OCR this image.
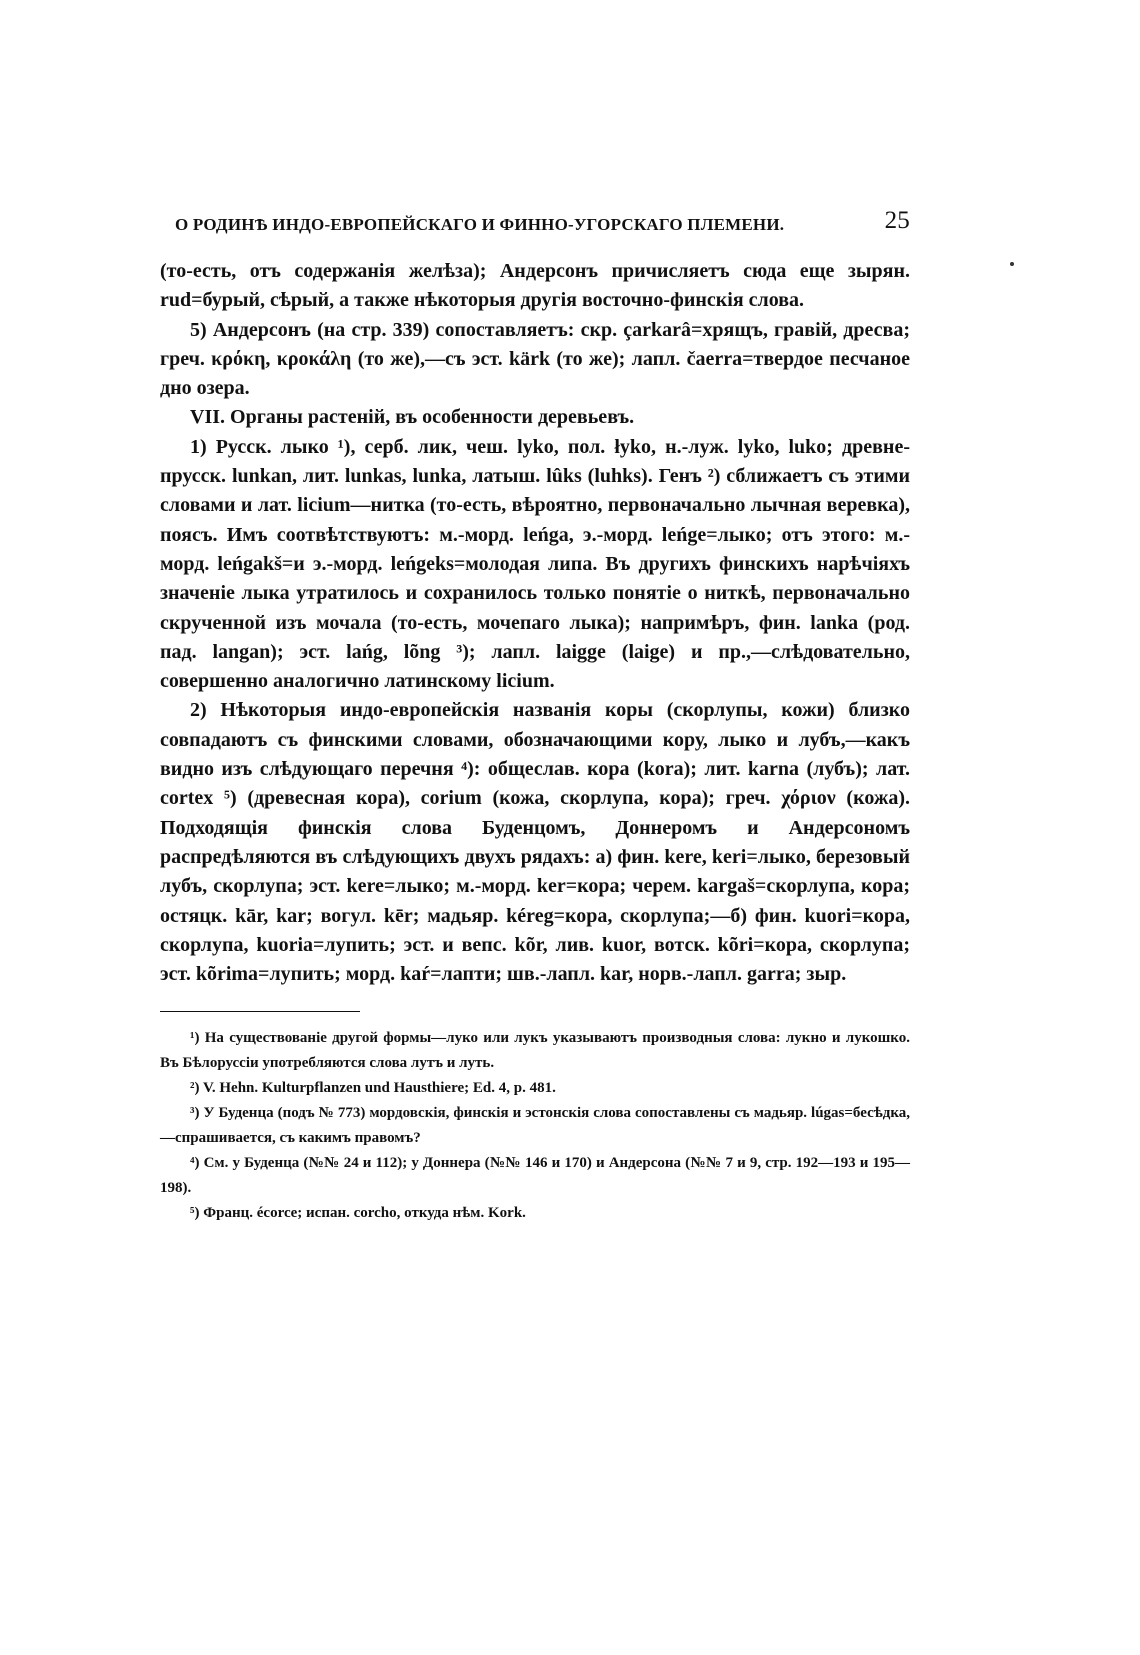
О РОДИНѢ ИНДО-ЕВРОПЕЙСКАГО И ФИННО-УГОРСКАГО ПЛЕМЕНИ.	25

(то-есть, отъ содержанія желѣза); Андерсонъ причисляетъ сюда еще зырян. rud=бурый, сѣрый, а также нѣкоторыя другія восточно-финскія слова.

5) Андерсонъ (на стр. 339) сопоставляетъ: скр. çarkarâ=хрящъ, гравій, дресва; греч. κρόκη, κροκάλη (то же),—съ эст. kärk (то же); лапл. čaerra=твердое песчаное дно озера.

VII. Органы растеній, въ особенности деревьевъ.

1) Русск. лыко ¹), серб. лик, чеш. lyko, пол. łyko, н.-луж. lyko, luko; древне-прусск. lunkan, лит. lunkas, lunka, латыш. lûks (luhks). Генъ ²) сближаетъ съ этими словами и лат. licium—нитка (то-есть, вѣроятно, первоначально лычная веревка), поясъ. Имъ соотвѣтствуютъ: м.-морд. leńga, э.-морд. leńge=лыко; отъ этого: м.-морд. leńgakš=и э.-морд. leńgeks=молодая липа. Въ другихъ финскихъ нарѣчіяхъ значеніе лыка утратилось и сохранилось только понятіе о ниткѣ, первоначально скрученной изъ мочала (то-есть, мочепаго лыка); напримѣръ, фин. lanka (род. пад. langan); эст. lańg, lõng ³); лапл. laigge (laige) и пр.,—слѣдовательно, совершенно аналогично латинскому licium.

2) Нѣкоторыя индо-европейскія названія коры (скорлупы, кожи) близко совпадаютъ съ финскими словами, обозначающими кору, лыко и лубъ,—какъ видно изъ слѣдующаго перечня ⁴): общеслав. кора (kora); лит. karna (лубъ); лат. cortex ⁵) (древесная кора), corium (кожа, скорлупа, кора); греч. χόριον (кожа). Подходящія финскія слова Буденцомъ, Доннеромъ и Андерсономъ распредѣляются въ слѣдующихъ двухъ рядахъ: а) фин. kere, keri=лыко, березовый лубъ, скорлупа; эст. kere=лыко; м.-морд. ker=кора; черем. kargaš=скорлупа, кора; остяцк. kār, kar; вогул. kēr; мадьяр. kéreg=кора, скорлупа;—б) фин. kuori=кора, скорлупа, kuoria=лупить; эст. и вепс. kõr, лив. kuor, вотск. kõri=кора, скорлупа; эст. kõrima=лупить; морд. kaŕ=лапти; шв.-лапл. kar, норв.-лапл. garra; зыр.

¹) На существованіе другой формы—луко или лукъ указываютъ производныя слова: лукно и лукошко. Въ Бѣлоруссіи употребляются слова лутъ и луть.

²) V. Hehn. Kulturpflanzen und Hausthiere; Ed. 4, p. 481.

³) У Буденца (подъ № 773) мордовскія, финскія и эстонскія слова сопоставлены съ мадьяр. lúgas=бесѣдка,—спрашивается, съ какимъ правомъ?

⁴) См. у Буденца (№№ 24 и 112); у Доннера (№№ 146 и 170) и Андерсона (№№ 7 и 9, стр. 192—193 и 195—198).

⁵) Франц. écorce; испан. corcho, откуда нѣм. Kork.
